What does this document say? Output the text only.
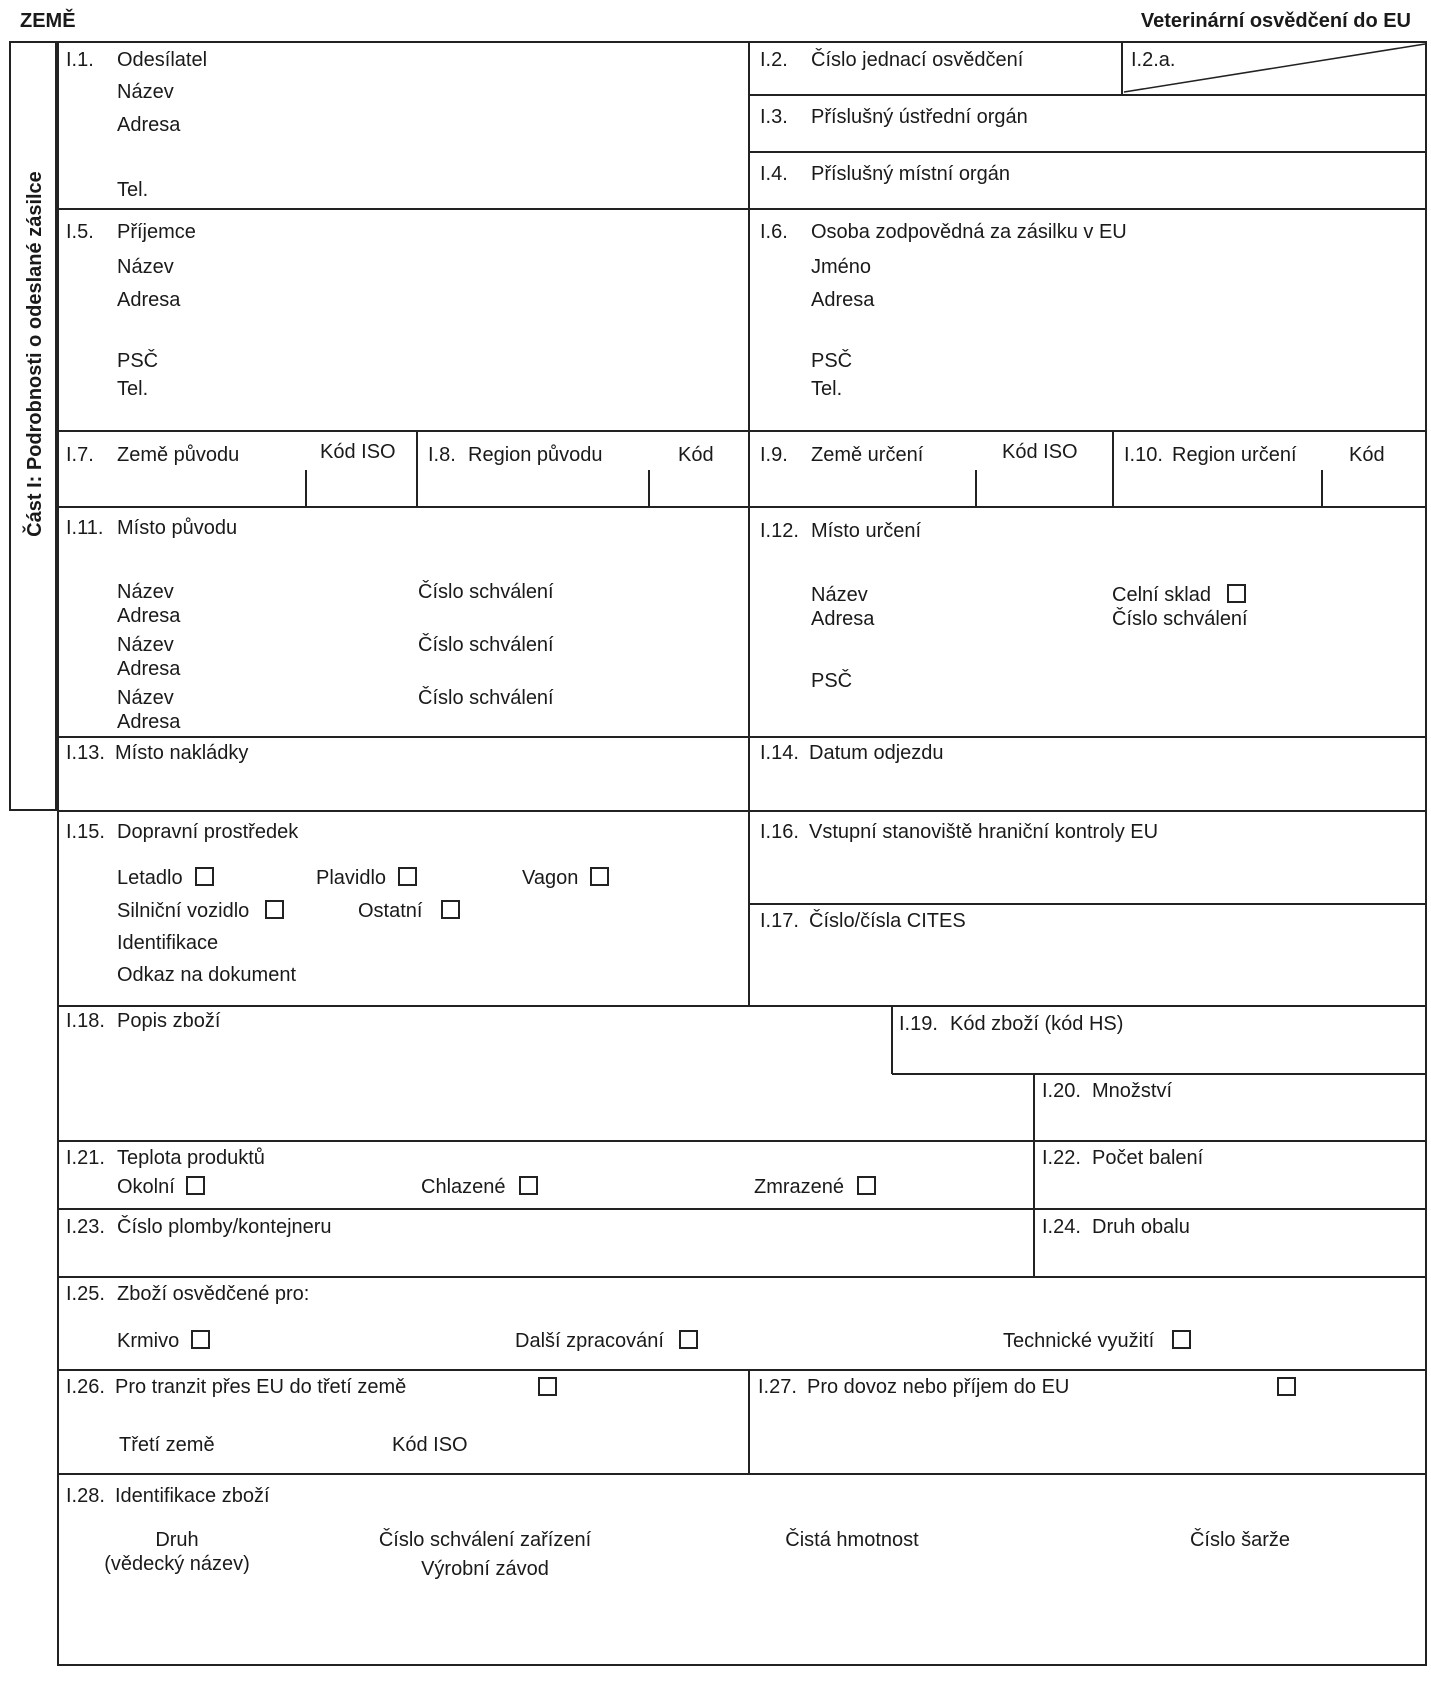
ZEMĚ	Veterinární osvědčení do EU
Část I: Podrobnosti o odeslané zásilce
I.1. Odesílatel
Název
Adresa
Tel.
I.2. Číslo jednací osvědčení	I.2.a.
I.3. Příslušný ústřední orgán
I.4. Příslušný místní orgán
I.5. Příjemce
Název
Adresa
PSČ
Tel.
I.6. Osoba zodpovědná za zásilku v EU
Jméno
Adresa
PSČ
Tel.
I.7. Země původu	Kód ISO I.8. Region původu	Kód I.9. Země určení	Kód ISO I.10. Region určení	Kód
I.11. Místo původu
Název	Číslo schválení
Adresa
Název	Číslo schválení
Adresa
Název	Číslo schválení
Adresa
I.12. Místo určení
Název
Adresa
PSČ
Celní sklad
Číslo schválení
I.13. Místo nakládky	I.14. Datum odjezdu
I.15. Dopravní prostředek
Letadlo	Plavidlo	Vagon
Silniční vozidlo	Ostatní
Identifikace
Odkaz na dokument
I.16. Vstupní stanoviště hraniční kontroly EU
I.17. Číslo/čísla CITES
I.18. Popis zboží	I.19. Kód zboží (kód HS)
I.20. Množství
I.21. Teplota produktů
Okolní	Chlazené	Zmrazené
I.22. Počet balení
I.23. Číslo plomby/kontejneru	I.24. Druh obalu
I.25. Zboží osvědčené pro:
Krmivo	Další zpracování	Technické využití
I.26. Pro tranzit přes EU do třetí země
Třetí země	Kód ISO
I.27. Pro dovoz nebo příjem do EU
I.28. Identifikace zboží
Druh
(vědecký název)
Číslo schválení zařízení
Výrobní závod
Čistá hmotnost	Číslo šarže
